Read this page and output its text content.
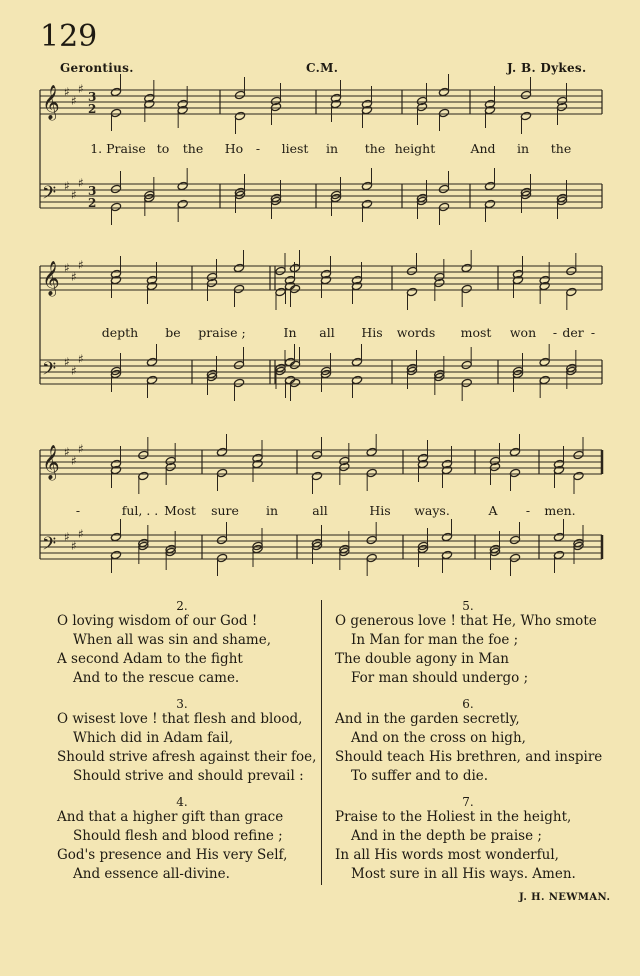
129
Gerontius.	C.M.	J. B. Dykes.
𝄞 ♯
♯
♯
3
2
𝄢 ♯
♯
♯
3
2
𝄞 ♯
♯
♯
𝄢 ♯
♯
♯
𝄞 ♯
♯
♯
𝄢 ♯
♯
♯
1. Praise to the Ho - liest in the height	And in the
depth be praise ;	In all His words most won - der -
-	ful, . . Most sure in	all	His ways.	A - men.
2.
O loving wisdom of our God !
When all was sin and shame,
A second Adam to the fight
And to the rescue came.
3.
O wisest love ! that flesh and blood,
Which did in Adam fail,
Should strive afresh against their foe,
Should strive and should prevail :
4.
And that a higher gift than grace
Should flesh and blood refine ;
God's presence and His very Self,
And essence all-divine.
5.
O generous love ! that He, Who smote
In Man for man the foe ;
The double agony in Man
For man should undergo ;
6.
And in the garden secretly,
And on the cross on high,
Should teach His brethren, and inspire
To suffer and to die.
7.
Praise to the Holiest in the height,
And in the depth be praise ;
In all His words most wonderful,
Most sure in all His ways. Amen.
J. H. NEWMAN.
